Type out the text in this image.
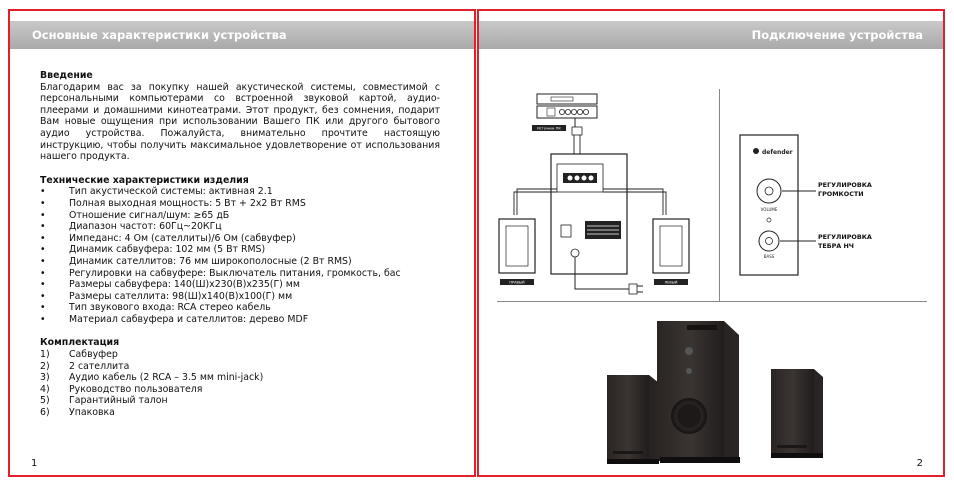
Основные характеристики устройства

Введение

Благодарим вас за покупку нашей акустической системы, совместимой с персональными компьютерами со встроенной звуковой картой, аудио-плеерами и домашними кинотеатрами. Этот продукт, без сомнения, подарит Вам новые ощущения при использовании Вашего ПК или другого бытового аудио устройства. Пожалуйста, внимательно прочтите настоящую инструкцию, чтобы получить максимальное удовлетворение от использования нашего продукта.

Технические характеристики изделия

•	Тип акустической системы: активная 2.1
•	Полная выходная мощность: 5 Вт + 2x2 Вт RMS
•	Отношение сигнал/шум: ≥65 дБ
•	Диапазон частот: 60Гц~20КГц
•	Импеданс: 4 Ом (сателлиты)/6 Ом (сабвуфер)
•	Динамик сабвуфера: 102 мм (5 Вт RMS)
•	Динамик сателлитов: 76 мм широкополосные (2 Вт RMS)
•	Регулировки на сабвуфере: Выключатель питания, громкость, бас
•	Размеры сабвуфера: 140(Ш)x230(В)x235(Г) мм
•	Размеры сателлита: 98(Ш)x140(В)x100(Г) мм
•	Тип звукового входа: RCA стерео кабель
•	Материал сабвуфера и сателлитов: дерево MDF

Комплектация

1)	Сабвуфер
2)	2 сателлита
3)	Аудио кабель (2 RCA – 3.5 мм mini-jack)
4)	Руководство пользователя
5)	Гарантийный талон
6)	Упаковка
1
Подключение устройства
Источник ПК
ПРАВЫЙ	ЛЕВЫЙ
defender
VOLUME
BASS
РЕГУЛИРОВКА ГРОМКОСТИ
РЕГУЛИРОВКА ТЕБРА НЧ
2
